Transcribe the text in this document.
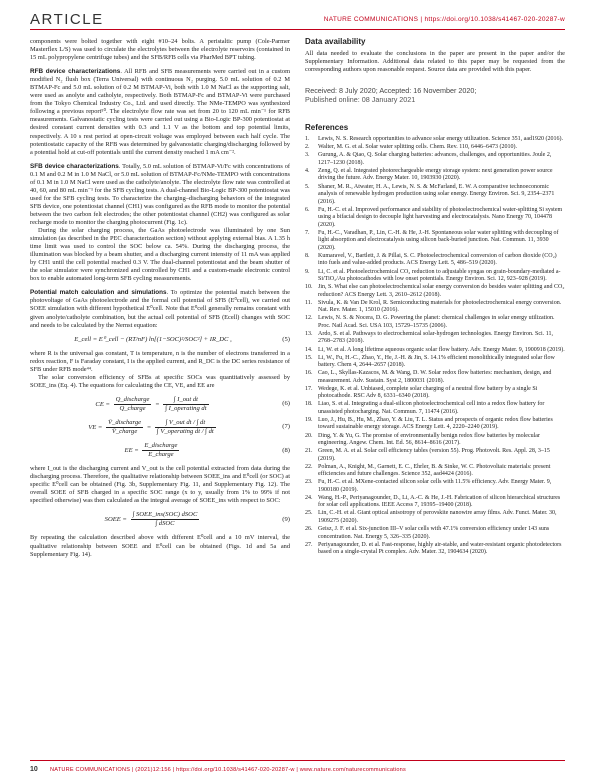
ARTICLE	NATURE COMMUNICATIONS | https://doi.org/10.1038/s41467-020-20287-w

components were bolted together with eight #10–24 bolts. A peristaltic pump (Cole-Parmer Masterflex L/S) was used to circulate the electrolytes between the electrolyte reservoirs (contained in 15 mL polypropylene centrifuge tubes) and the SFB/RFB cells via PharMed BPT tubing.

RFB device characterizations. All RFB and SFB measurements were carried out in a custom modified N₂ flush box (Terra Universal) with continuous N₂ purging. 5.0 mL solution of 0.2 M BTMAP-Fc and 5.0 mL solution of 0.2 M BTMAP-Vi, both with 1.0 M NaCl as the supporting salt, were used as anolyte and catholyte, respectively. Both BTMAP-Fc and BTMAP-Vi were purchased from the Tokyo Chemical Industry Co., Ltd. and used directly. The NMe-TEMPO was synthesized following a previous report⁵⁰. The electrolyte flow rate was set from 20 to 120 mL min⁻¹ for RFB measurements. Galvanostatic cycling tests were carried out using a Bio-Logic BP-300 potentiostat at desired constant current densities with 0.3 and 1.1 V as the bottom and top potential limits, respectively. A 10 s rest period at open-circuit voltage was employed between each half cycle. The potentiostatic capacity of the RFB was determined by galvanostatic charging/discharging followed by a potential hold at cut-off potentials until the current density reached 1 mA cm⁻².

SFB device characterizations. Totally, 5.0 mL solution of BTMAP-Vi/Fc with concentrations of 0.1 M and 0.2 M in 1.0 M NaCl, or 5.0 mL solution of BTMAP-Fc/NMe-TEMPO with concentrations of 0.1 M in 1.0 M NaCl were used as the catholyte/anolyte. The electrolyte flow rate was controlled at 40, 60, and 80 mL min⁻¹ for the SFB cycling tests. A dual-channel Bio-Logic BP-300 potentiostat was used for the SFB cycling tests. To characterize the charging–discharging behaviors of the integrated SFB device, one potentiostat channel (CH1) was configured as the RFB mode to monitor the potential between the two carbon felt electrodes; the other potentiostat channel (CH2) was configured as solar recharge mode to monitor the charging photocurrent (Fig. 1c).

During the solar charging process, the GaAs photoelectrode was illuminated by one Sun simulation (as described in the PEC characterization section) without applying external bias. A 1.35 h time limit was used to control the SOC below ca. 54%. During the discharging process, the illumination was blocked by a beam shutter, and a discharging current intensity of 11 mA was applied by CH1 until the cell potential reached 0.3 V. The dual-channel potentiostat and the beam shutter of the solar simulator were synchronized and controlled by CH1 and a custom-made electronic control box to enable automated long-term SFB cycling measurements.

Potential match calculation and simulations. To optimize the potential match between the photovoltage of GaAs photoelectrode and the formal cell potential of SFB (E⁰cell), we carried out SOEE simulation with different hypothetical E⁰cell. Note that E⁰cell generally remains constant with given anolyte/catholyte combination, but the actual cell potential of SFB (Ecell) changes with SOC and needs to be calculated by the Nernst equation:

E_cell = E⁰_cell − (RT/nF) ln[(1−SOC)²/SOC²] + IR_DC ,	(5)

where R is the universal gas constant, T is temperature, n is the number of electrons transferred in a redox reaction, F is Faraday constant, I is the applied current, and R_DC is the DC series resistance of SFB under RFB mode⁴⁴.

The solar conversion efficiency of SFBs at specific SOCs was quantitatively assessed by SOEE_ins (Eq. 4). The equations for calculating the CE, VE, and EE are

CE = $\frac{\text{Q\_discharge}}{\text{Q\_charge}} = \frac{\text{∫ I\_out dt}}{\text{∫ I\_operating dt}}$	(6)
VE = $\frac{\text{V̄\_discharge}}{\text{V̄\_charge}} = \frac{\text{∫ V\_out dt / ∫ dt}}{\text{∫ V\_operating dt / ∫ dt}}$	(7)
EE = $\frac{\text{E\_discharge}}{\text{E\_charge}}$	(8)

where I_out is the discharging current and V_out is the cell potential extracted from data during the discharging process. Therefore, the qualitative relationship between SOEE_ins and E⁰cell (or SOC) at specific E⁰cell can be obtained (Fig. 3b, Supplementary Fig. 11, and Supplementary Fig. 12). The overall SOEE of SFB charged in a specific SOC range (x to y, usually from 1% to 99% if not specified otherwise) was then calculated as the integral average of SOEE_ins with respect to SOC:

SOEE = $\frac{\text{∫ SOEE\_ins(SOC) dSOC}}{\text{∫ dSOC}}$	(9)

By repeating the calculation described above with different E⁰cell and a 10 mV interval, the qualitative relationship between SOEE and E⁰cell can be obtained (Figs. 1d and 5a and Supplementary Fig. 14).

Data availability

All data needed to evaluate the conclusions in the paper are present in the paper and/or the Supplementary Information. Additional data related to this paper may be requested from the corresponding authors upon reasonable request. Source data are provided with this paper.

Received: 8 July 2020; Accepted: 16 November 2020;
Published online: 08 January 2021
References
1.	Lewis, N. S. Research opportunities to advance solar energy utilization. Science 351, aad1920 (2016).
2.	Walter, M. G. et al. Solar water splitting cells. Chem. Rev. 110, 6446–6473 (2010).
3.	Gurung, A. & Qiao, Q. Solar charging batteries: advances, challenges, and opportunities. Joule 2, 1217–1230 (2018).
4.	Zeng, Q. et al. Integrated photorechargeable energy storage system: next generation power source driving the future. Adv. Energy Mater. 10, 1903930 (2020).
5.	Shaner, M. R., Atwater, H. A., Lewis, N. S. & McFarland, E. W. A comparative technoeconomic analysis of renewable hydrogen production using solar energy. Energy Environ. Sci. 9, 2354–2371 (2016).
6.	Fu, H.-C. et al. Improved performance and stability of photoelectrochemical water-splitting Si system using a bifacial design to decouple light harvesting and electrocatalysis. Nano Energy 70, 104478 (2020).
7.	Fu, H.-C., Varadhan, P., Lin, C.-H. & He, J.-H. Spontaneous solar water splitting with decoupling of light absorption and electrocatalysis using silicon back-buried junction. Nat. Commun. 11, 3930 (2020).
8.	Kumaravel, V., Bartlett, J. & Pillai, S. C. Photoelectrochemical conversion of carbon dioxide (CO₂) into fuels and value-added products. ACS Energy Lett. 5, 486–519 (2020).
9.	Li, C. et al. Photoelectrochemical CO₂ reduction to adjustable syngas on grain-boundary-mediated a-Si/TiO₂/Au photocathodes with low onset potentials. Energy Environ. Sci. 12, 923–928 (2019).
10. Jin, S. What else can photoelectrochemical solar energy conversion do besides water splitting and CO₂ reduction? ACS Energy Lett. 3, 2610–2612 (2018).
11. Sivula, K. & Van De Krol, R. Semiconducting materials for photoelectrochemical energy conversion. Nat. Rev. Mater. 1, 15010 (2016).
12. Lewis, N. S. & Nocera, D. G. Powering the planet: chemical challenges in solar energy utilization. Proc. Natl Acad. Sci. USA 103, 15729–15735 (2006).
13. Ardo, S. et al. Pathways to electrochemical solar-hydrogen technologies. Energy Environ. Sci. 11, 2768–2783 (2018).
14. Li, W. et al. A long lifetime aqueous organic solar flow battery. Adv. Energy Mater. 9, 1900918 (2019).
15. Li, W., Fu, H.-C., Zhao, Y., He, J.-H. & Jin, S. 14.1% efficient monolithically integrated solar flow battery. Chem 4, 2644–2657 (2018).
16. Cao, L., Skyllas-Kazacos, M. & Wang, D. W. Solar redox flow batteries: mechanism, design, and measurement. Adv. Sustain. Syst 2, 1800031 (2018).
17. Wedege, K. et al. Unbiased, complete solar charging of a neutral flow battery by a single Si photocathode. RSC Adv 8, 6331–6340 (2018).
18. Liao, S. et al. Integrating a dual-silicon photoelectrochemical cell into a redox flow battery for unassisted photocharging. Nat. Commun. 7, 11474 (2016).
19. Luo, J., Hu, B., Hu, M., Zhao, Y. & Liu, T. L. Status and prospects of organic redox flow batteries toward sustainable energy storage. ACS Energy Lett. 4, 2220–2240 (2019).
20. Ding, Y. & Yu, G. The promise of environmentally benign redox flow batteries by molecular engineering. Angew. Chem. Int. Ed. 56, 8614–8616 (2017).
21. Green, M. A. et al. Solar cell efficiency tables (version 55). Prog. Photovolt. Res. Appl. 28, 3–15 (2019).
22. Polman, A., Knight, M., Garnett, E. C., Ehrler, B. & Sinke, W. C. Photovoltaic materials: present efficiencies and future challenges. Science 352, aad4424 (2016).
23. Fu, H.-C. et al. MXene-contacted silicon solar cells with 11.5% efficiency. Adv. Energy Mater. 9, 1900180 (2019).
24. Wang, H.-P., Periyanagounder, D., Li, A.-C. & He, J.-H. Fabrication of silicon hierarchical structures for solar cell applications. IEEE Access 7, 19395–19400 (2018).
25. Lin, C.-H. et al. Giant optical anisotropy of perovskite nanowire array films. Adv. Funct. Mater. 30, 1909275 (2020).
26. Geisz, J. F. et al. Six-junction III–V solar cells with 47.1% conversion efficiency under 143 suns concentration. Nat. Energy 5, 326–335 (2020).
27. Periyanagounder, D. et al. Fast-response, highly air-stable, and water-resistant organic photodetectors based on a single-crystal Pt complex. Adv. Mater. 32, 1904634 (2020).
10 NATURE COMMUNICATIONS | (2021)12:156 | https://doi.org/10.1038/s41467-020-20287-w | www.nature.com/naturecommunications
